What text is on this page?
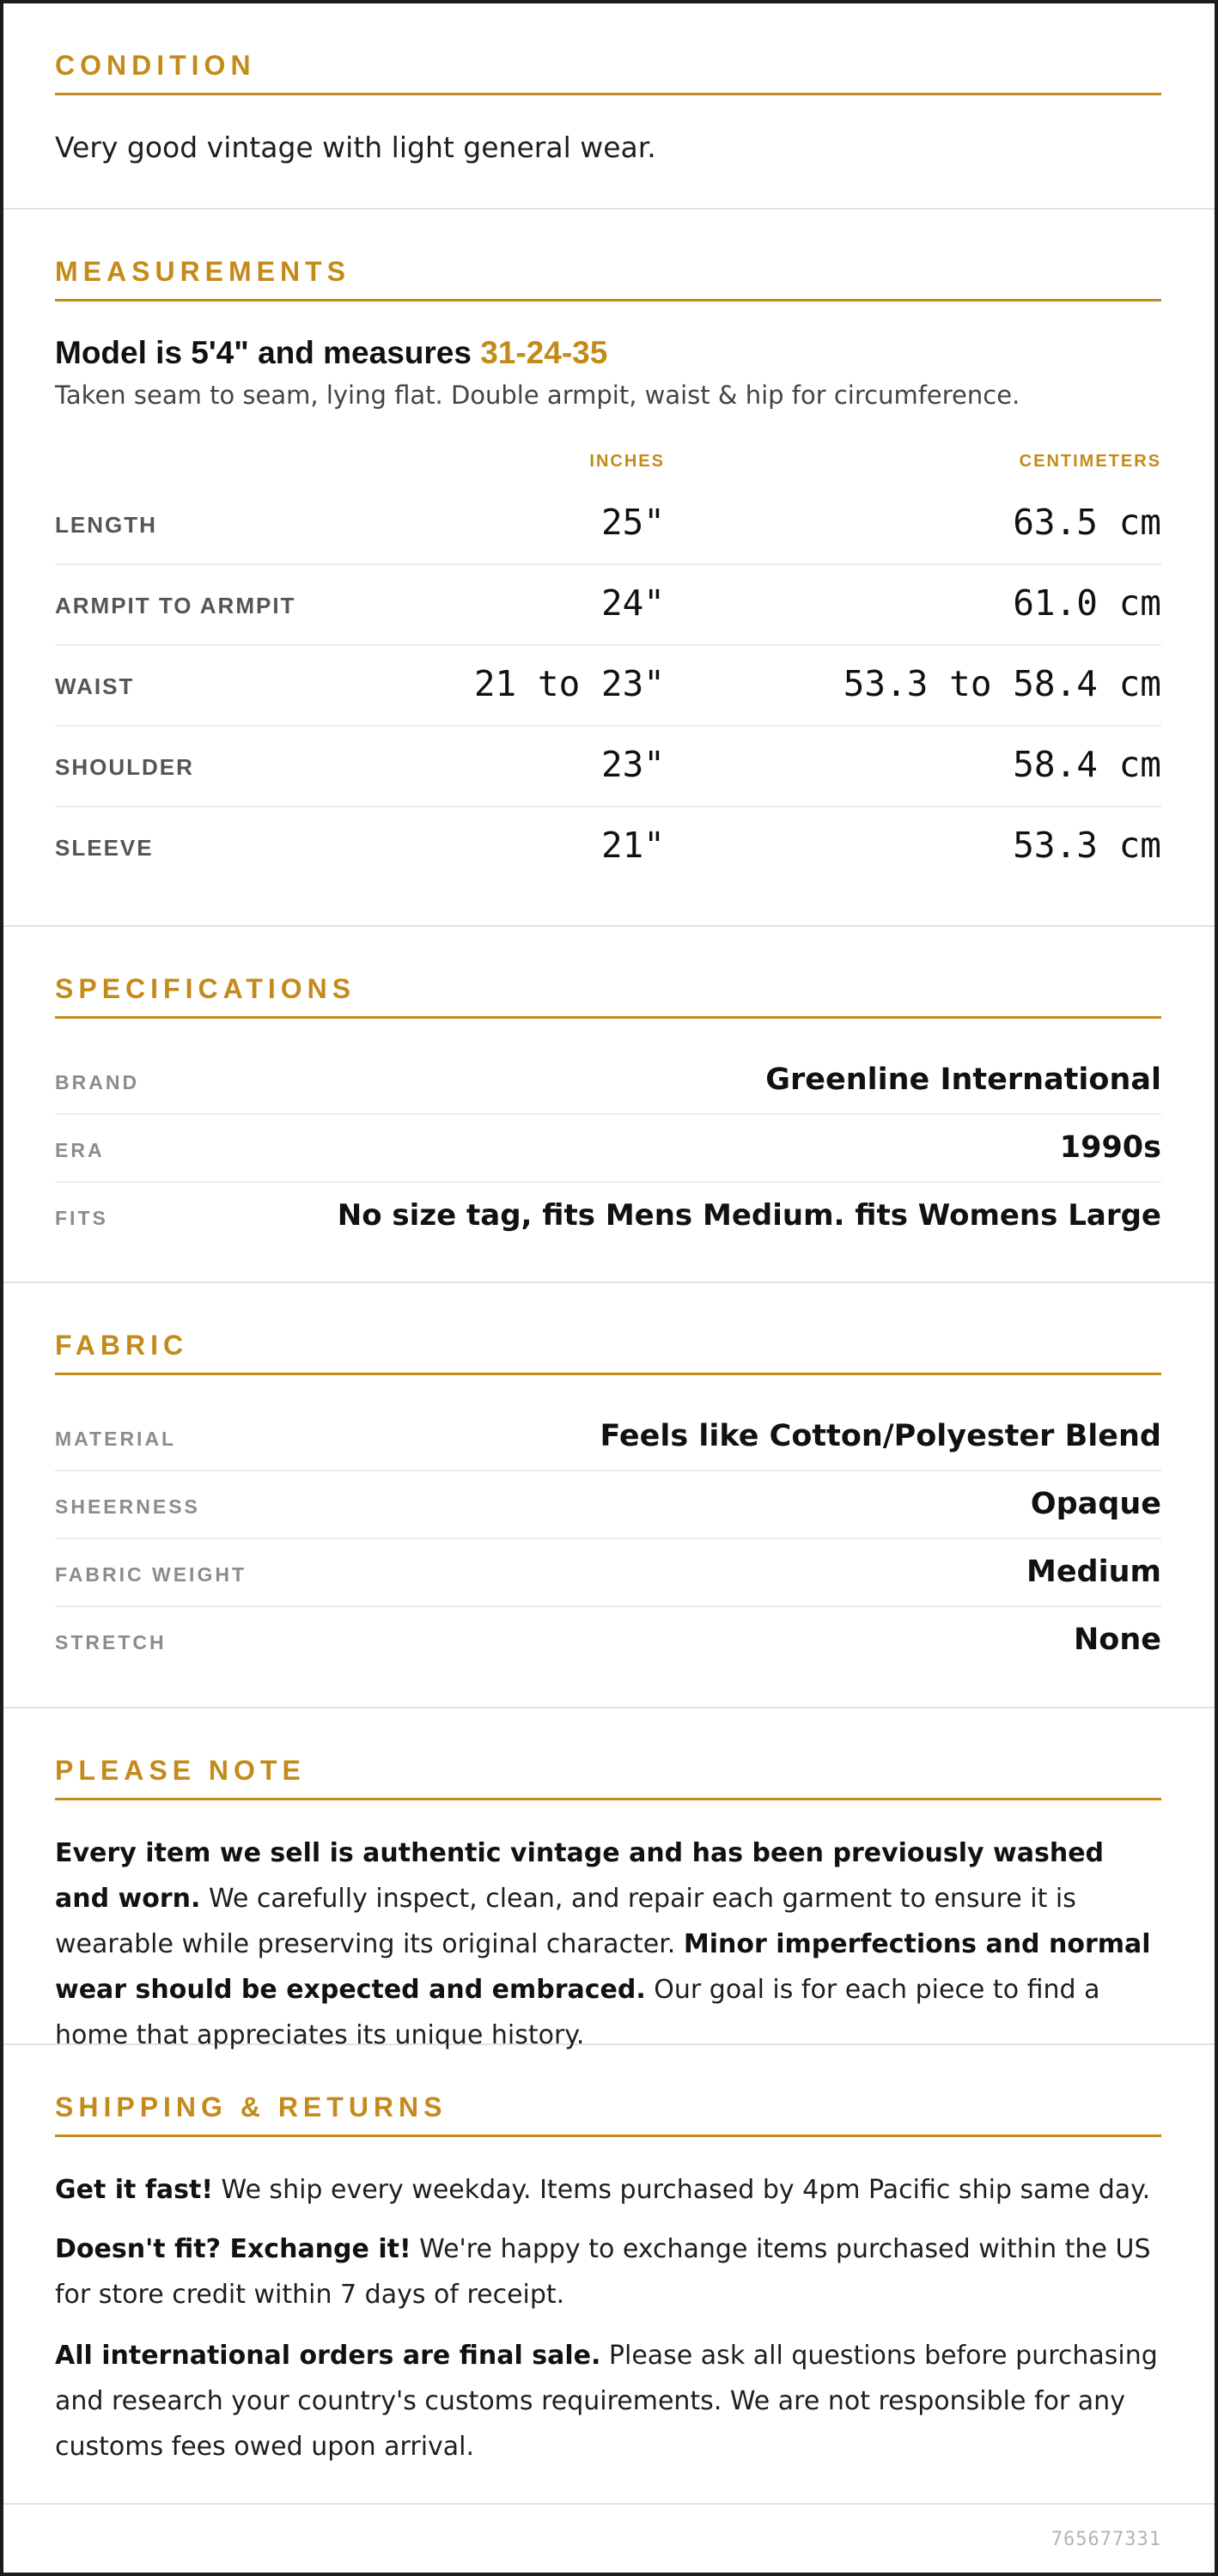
CONDITION
Very good vintage with light general wear.
MEASUREMENTS
Model is 5'4" and measures 31-24-35
Taken seam to seam, lying flat. Double armpit, waist & hip for circumference.
INCHES	CENTIMETERS
LENGTH	25"	63.5 cm
ARMPIT TO ARMPIT	24"	61.0 cm
WAIST	21 to 23"	53.3 to 58.4 cm
SHOULDER	23"	58.4 cm
SLEEVE	21"	53.3 cm
SPECIFICATIONS
BRAND	Greenline International
ERA	1990s
FITS	No size tag, fits Mens Medium. fits Womens Large
FABRIC
MATERIAL	Feels like Cotton/Polyester Blend
SHEERNESS	Opaque
FABRIC WEIGHT	Medium
STRETCH	None
PLEASE NOTE
Every item we sell is authentic vintage and has been previously washed and worn. We carefully inspect, clean, and repair each garment to ensure it is wearable while preserving its original character. Minor imperfections and normal wear should be expected and embraced. Our goal is for each piece to find a home that appreciates its unique history.
SHIPPING & RETURNS
Get it fast! We ship every weekday. Items purchased by 4pm Pacific ship same day.
Doesn't fit? Exchange it! We're happy to exchange items purchased within the US for store credit within 7 days of receipt.
All international orders are final sale. Please ask all questions before purchasing and research your country's customs requirements. We are not responsible for any customs fees owed upon arrival.
765677331
